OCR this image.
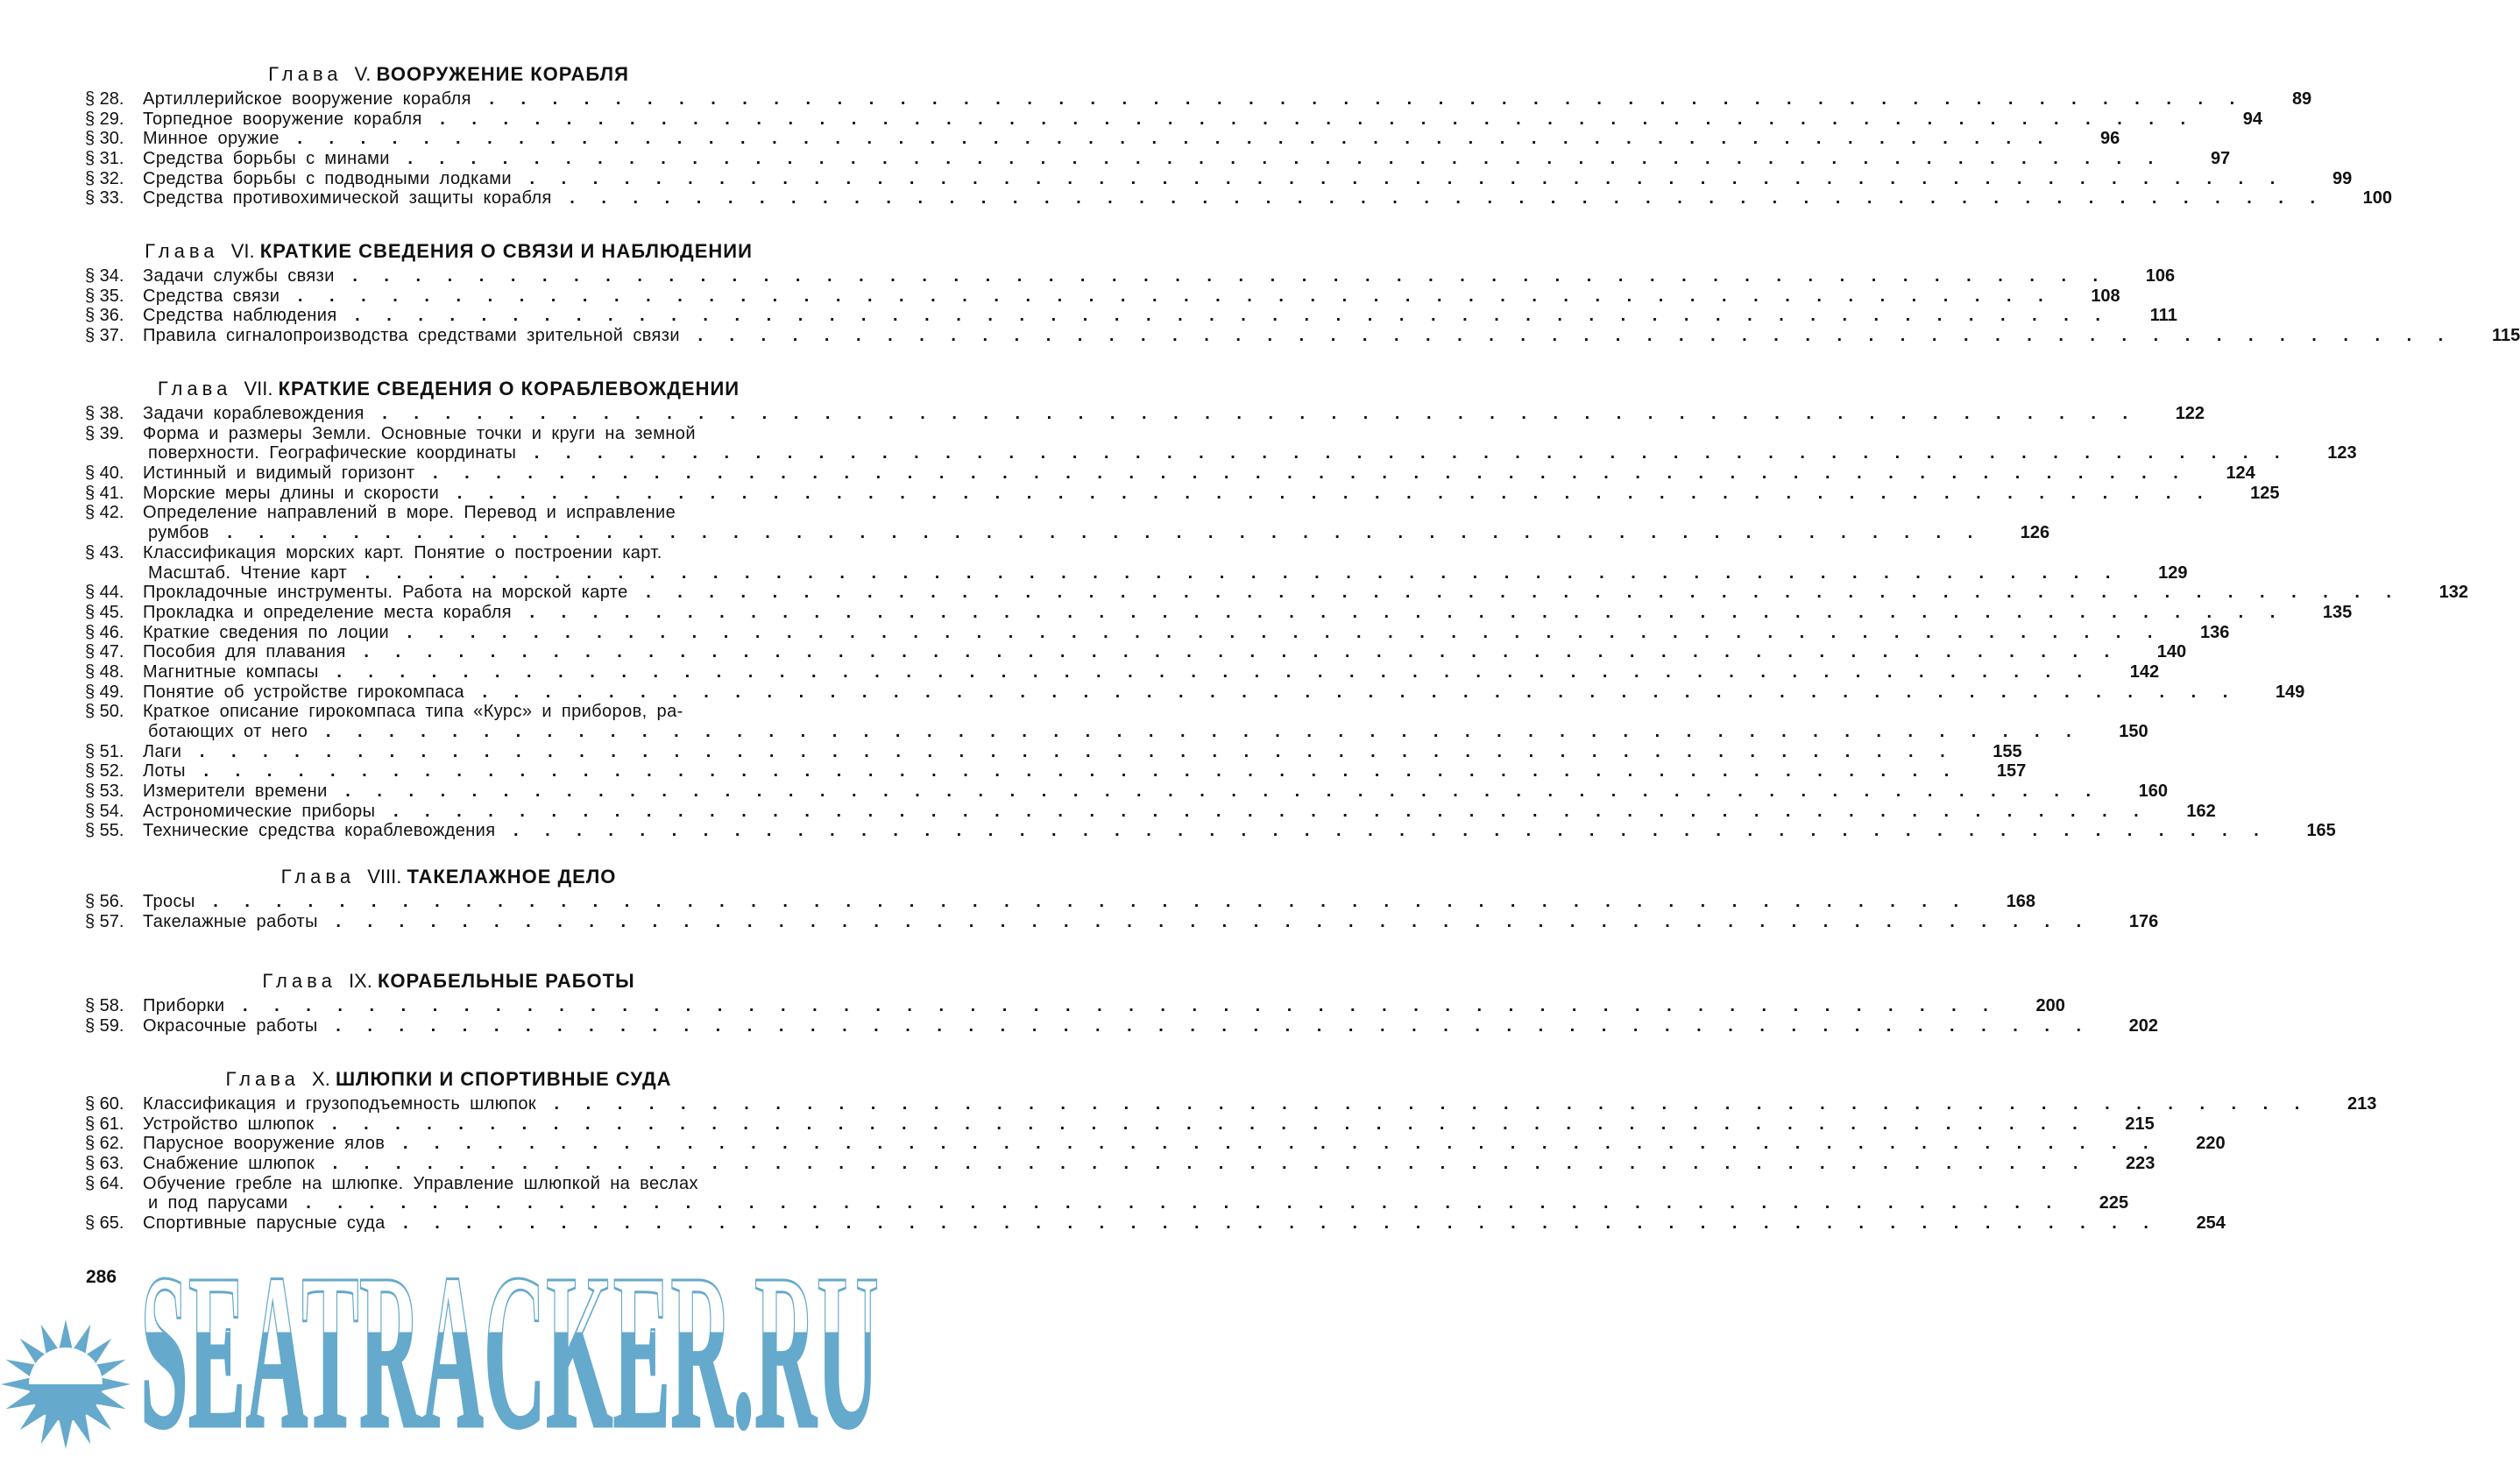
Глава V. ВООРУЖЕНИЕ КОРАБЛЯ
§ 28.	Артиллерийское вооружение корабля . . .	89
§ 29.	Торпедное вооружение корабля . . .	94
§ 30.	Минное оружие . . .	96
§ 31.	Средства борьбы с минами . . .	97
§ 32.	Средства борьбы с подводными лодками . . .	99
§ 33.	Средства противохимической защиты корабля . . .	100
Глава VI. КРАТКИЕ СВЕДЕНИЯ О СВЯЗИ И НАБЛЮДЕНИИ
§ 34.	Задачи службы связи . . .	106
§ 35.	Средства связи . . .	108
§ 36.	Средства наблюдения . . .	111
§ 37.	Правила сигналопроизводства средствами зрительной связи . . .	115
Глава VII. КРАТКИЕ СВЕДЕНИЯ О КОРАБЛЕВОЖДЕНИИ
§ 38.	Задачи кораблевождения . . .	122
§ 39.	Форма и размеры Земли. Основные точки и круги на земной
поверхности. Географические координаты . . .	123
§ 40.	Истинный и видимый горизонт . . .	124
§ 41.	Морские меры длины и скорости . . .	125
§ 42.	Определение направлений в море. Перевод и исправление
румбов . . .	126
§ 43.	Классификация морских карт. Понятие о построении карт.
Масштаб. Чтение карт . . .	129
§ 44.	Прокладочные инструменты. Работа на морской карте . . .	132
§ 45.	Прокладка и определение места корабля . . .	135
§ 46.	Краткие сведения по лоции . . .	136
§ 47.	Пособия для плавания . . .	140
§ 48.	Магнитные компасы . . .	142
§ 49.	Понятие об устройстве гирокомпаса . . .	149
§ 50.	Краткое описание гирокомпаса типа «Курс» и приборов, ра-
ботающих от него . . .	150
§ 51.	Лаги . . .	155
§ 52.	Лоты . . .	157
§ 53.	Измерители времени . . .	160
§ 54.	Астрономические приборы . . .	162
§ 55.	Технические средства кораблевождения . . .	165
Глава VIII. ТАКЕЛАЖНОЕ ДЕЛО
§ 56.	Тросы . . .	168
§ 57.	Такелажные работы . . .	176
Глава IX. КОРАБЕЛЬНЫЕ РАБОТЫ
§ 58.	Приборки . . .	200
§ 59.	Окрасочные работы . . .	202
Глава X. ШЛЮПКИ И СПОРТИВНЫЕ СУДА
§ 60.	Классификация и грузоподъемность шлюпок . . .	213
§ 61.	Устройство шлюпок . . .	215
§ 62.	Парусное вооружение ялов . . .	220
§ 63.	Снабжение шлюпок . . .	223
§ 64.	Обучение гребле на шлюпке. Управление шлюпкой на веслах
и под парусами . . .	225
§ 65.	Спортивные парусные суда . . .	254
286 SEATRACKER.RU
